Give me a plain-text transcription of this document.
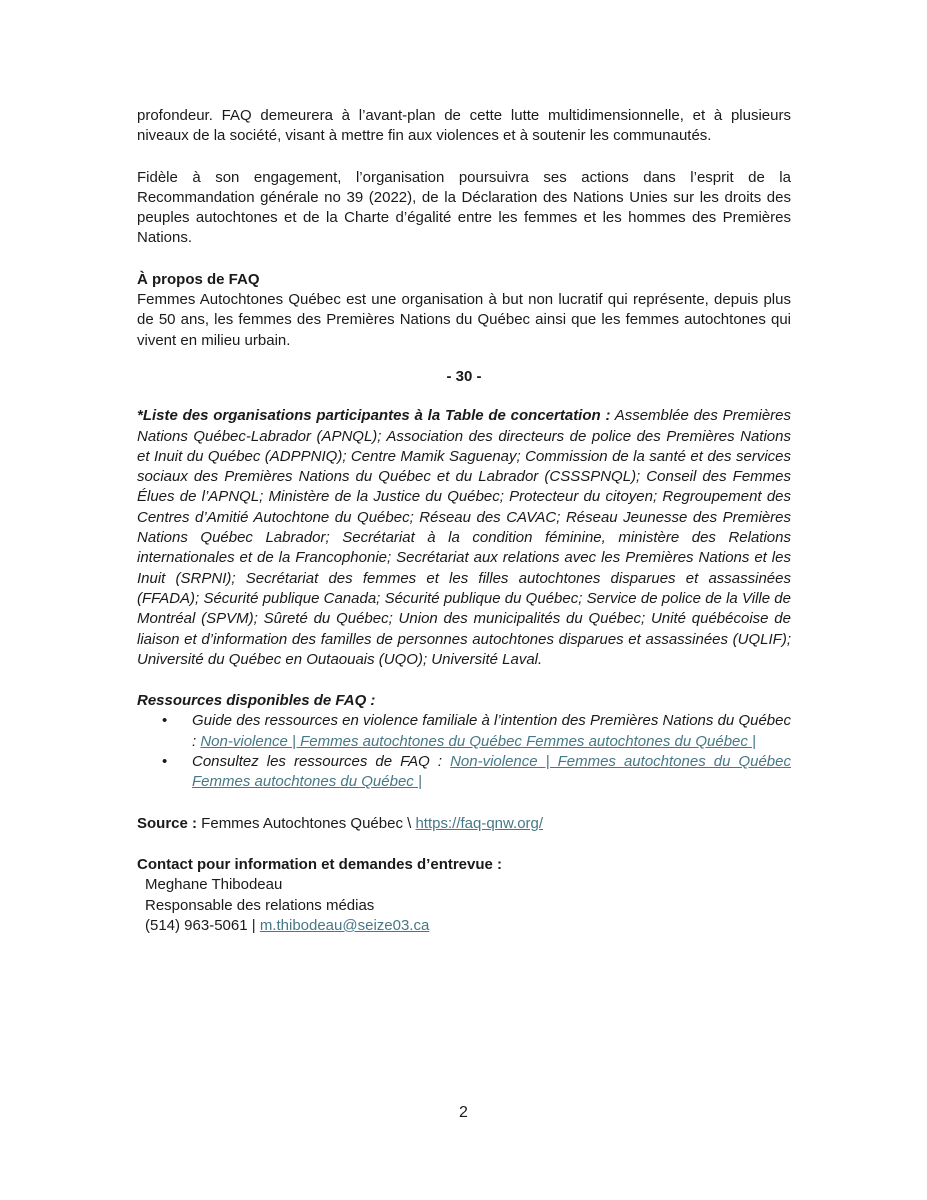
profondeur. FAQ demeurera à l’avant-plan de cette lutte multidimensionnelle, et à plusieurs niveaux de la société, visant à mettre fin aux violences et à soutenir les communautés.

Fidèle à son engagement, l’organisation poursuivra ses actions dans l’esprit de la Recommandation générale no 39 (2022), de la Déclaration des Nations Unies sur les droits des peuples autochtones et de la Charte d’égalité entre les femmes et les hommes des Premières Nations.

À propos de FAQ

Femmes Autochtones Québec est une organisation à but non lucratif qui représente, depuis plus de 50 ans, les femmes des Premières Nations du Québec ainsi que les femmes autochtones qui vivent en milieu urbain.

- 30 -

*Liste des organisations participantes à la Table de concertation : Assemblée des Premières Nations Québec-Labrador (APNQL); Association des directeurs de police des Premières Nations et Inuit du Québec (ADPPNIQ); Centre Mamik Saguenay; Commission de la santé et des services sociaux des Premières Nations du Québec et du Labrador (CSSSPNQL); Conseil des Femmes Élues de l’APNQL; Ministère de la Justice du Québec; Protecteur du citoyen; Regroupement des Centres d’Amitié Autochtone du Québec; Réseau des CAVAC; Réseau Jeunesse des Premières Nations Québec Labrador; Secrétariat à la condition féminine, ministère des Relations internationales et de la Francophonie; Secrétariat aux relations avec les Premières Nations et les Inuit (SRPNI); Secrétariat des femmes et les filles autochtones disparues et assassinées (FFADA); Sécurité publique Canada; Sécurité publique du Québec; Service de police de la Ville de Montréal (SPVM); Sûreté du Québec; Union des municipalités du Québec; Unité québécoise de liaison et d’information des familles de personnes autochtones disparues et assassinées (UQLIF); Université du Québec en Outaouais (UQO); Université Laval.

Ressources disponibles de FAQ :

• Guide des ressources en violence familiale à l’intention des Premières Nations du Québec : Non-violence | Femmes autochtones du Québec Femmes autochtones du Québec |
• Consultez les ressources de FAQ : Non-violence | Femmes autochtones du Québec Femmes autochtones du Québec |

Source : Femmes Autochtones Québec \ https://faq-qnw.org/

Contact pour information et demandes d’entrevue :

Meghane Thibodeau

Responsable des relations médias

(514) 963-5061 | m.thibodeau@seize03.ca

2
